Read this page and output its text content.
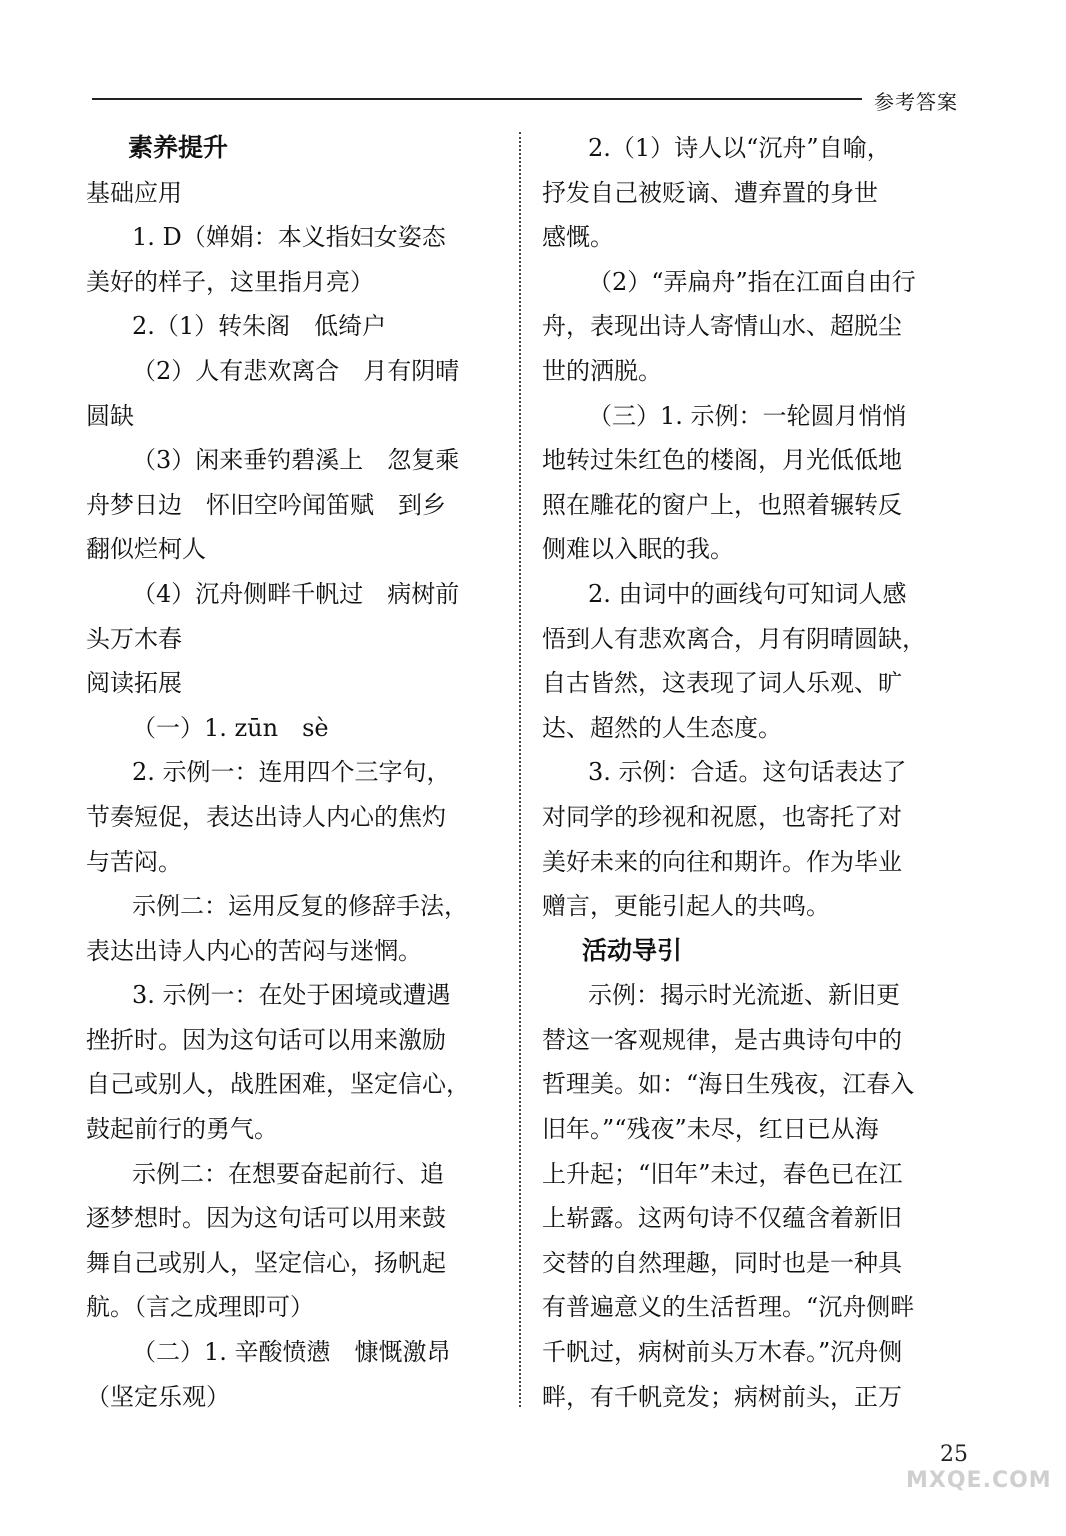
参考答案
素养提升
基础应用
1. D（婵娟：本义指妇女姿态
美好的样子，这里指月亮）
2.（1）转朱阁　低绮户
（2）人有悲欢离合　月有阴晴
圆缺
（3）闲来垂钓碧溪上　忽复乘
舟梦日边　怀旧空吟闻笛赋　到乡
翻似烂柯人
（4）沉舟侧畔千帆过　病树前
头万木春
阅读拓展
（一）1. zūn　sè
2. 示例一：连用四个三字句，
节奏短促，表达出诗人内心的焦灼
与苦闷。
示例二：运用反复的修辞手法，
表达出诗人内心的苦闷与迷惘。
3. 示例一：在处于困境或遭遇
挫折时。因为这句话可以用来激励
自己或别人，战胜困难，坚定信心，
鼓起前行的勇气。
示例二：在想要奋起前行、追
逐梦想时。因为这句话可以用来鼓
舞自己或别人，坚定信心，扬帆起
航。（言之成理即可）
（二）1. 辛酸愤懑　慷慨激昂
（坚定乐观）
2.（1）诗人以“沉舟”自喻，
抒发自己被贬谪、遭弃置的身世
感慨。
（2）“弄扁舟”指在江面自由行
舟，表现出诗人寄情山水、超脱尘
世的洒脱。
（三）1. 示例：一轮圆月悄悄
地转过朱红色的楼阁，月光低低地
照在雕花的窗户上，也照着辗转反
侧难以入眠的我。
2. 由词中的画线句可知词人感
悟到人有悲欢离合，月有阴晴圆缺，
自古皆然，这表现了词人乐观、旷
达、超然的人生态度。
3. 示例：合适。这句话表达了
对同学的珍视和祝愿，也寄托了对
美好未来的向往和期许。作为毕业
赠言，更能引起人的共鸣。
活动导引
示例：揭示时光流逝、新旧更
替这一客观规律，是古典诗句中的
哲理美。如：“海日生残夜，江春入
旧年。”“残夜”未尽，红日已从海
上升起；“旧年”未过，春色已在江
上崭露。这两句诗不仅蕴含着新旧
交替的自然理趣，同时也是一种具
有普遍意义的生活哲理。“沉舟侧畔
千帆过，病树前头万木春。”沉舟侧
畔，有千帆竞发；病树前头，正万
25
MXQE.COM
